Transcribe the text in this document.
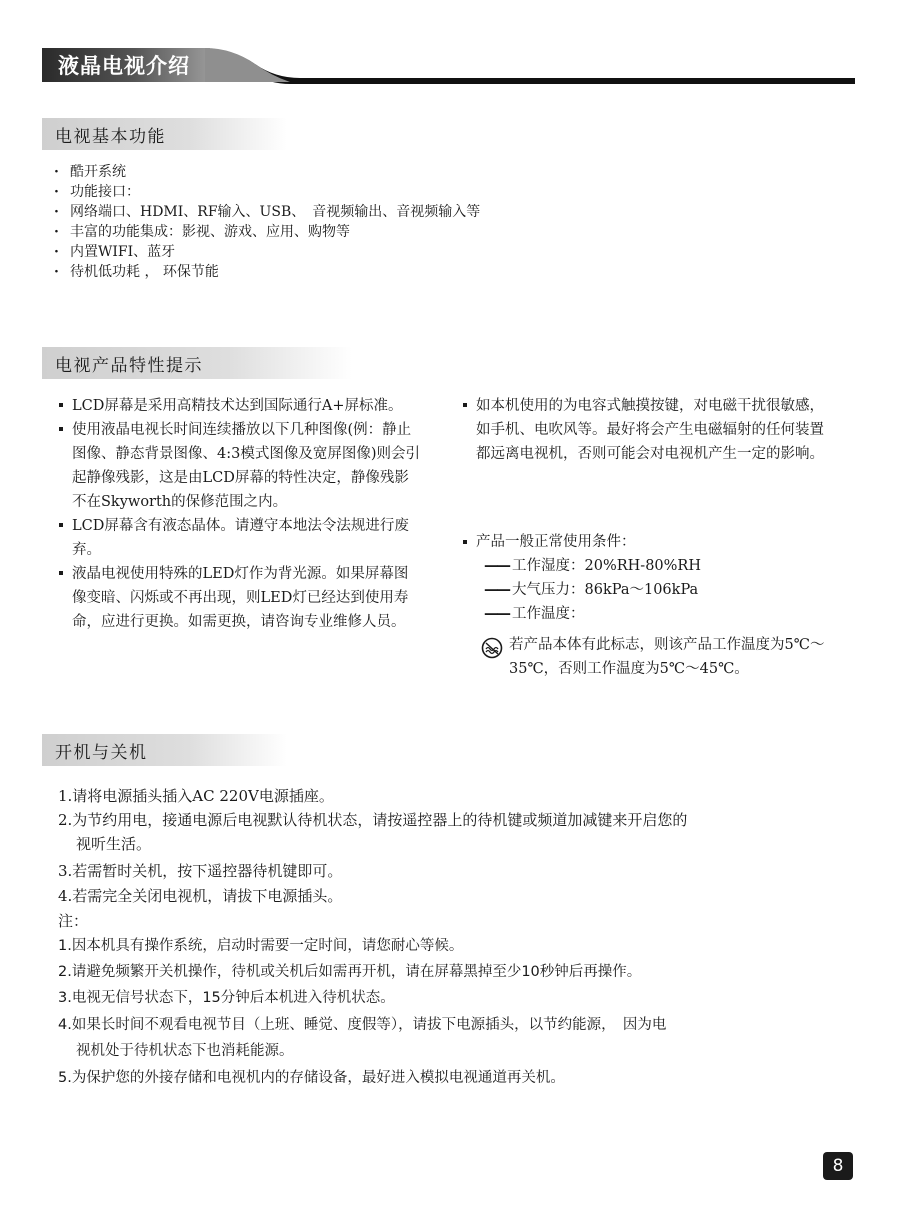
液晶电视介绍
电视基本功能
· 酷开系统
· 功能接口：
· 网络端口、HDMI、RF输入、USB、　音视频输出、音视频输入等
· 丰富的功能集成：影视、游戏、应用、购物等
· 内置WIFI、蓝牙
· 待机低功耗 ， 环保节能
电视产品特性提示
LCD屏幕是采用高精技术达到国际通行A+屏标准。
使用液晶电视长时间连续播放以下几种图像(例：静止图像、静态背景图像、4:3模式图像及宽屏图像)则会引起静像残影，这是由LCD屏幕的特性决定，静像残影不在Skyworth的保修范围之内。
LCD屏幕含有液态晶体。请遵守本地法令法规进行废弃。
液晶电视使用特殊的LED灯作为背光源。如果屏幕图像变暗、闪烁或不再出现，则LED灯已经达到使用寿命，应进行更换。如需更换，请咨询专业维修人员。
如本机使用的为电容式触摸按键，对电磁干扰很敏感，如手机、电吹风等。最好将会产生电磁辐射的任何装置都远离电视机，否则可能会对电视机产生一定的影响。
产品一般正常使用条件：
—— 工作湿度：20%RH-80%RH
—— 大气压力：86kPa～106kPa
—— 工作温度：
若产品本体有此标志，则该产品工作温度为5℃～35℃，否则工作温度为5℃～45℃。
开机与关机
1.请将电源插头插入AC 220V电源插座。
2.为节约用电，接通电源后电视默认待机状态，请按遥控器上的待机键或频道加减键来开启您的
视听生活。
3.若需暂时关机，按下遥控器待机键即可。
4.若需完全关闭电视机，请拔下电源插头。
注：
1.因本机具有操作系统，启动时需要一定时间，请您耐心等候。
2.请避免频繁开关机操作，待机或关机后如需再开机，请在屏幕黑掉至少10秒钟后再操作。
3.电视无信号状态下，15分钟后本机进入待机状态。
4.如果长时间不观看电视节目（上班、睡觉、度假等），请拔下电源插头，以节约能源，　因为电
视机处于待机状态下也消耗能源。
5.为保护您的外接存储和电视机内的存储设备，最好进入模拟电视通道再关机。
8
